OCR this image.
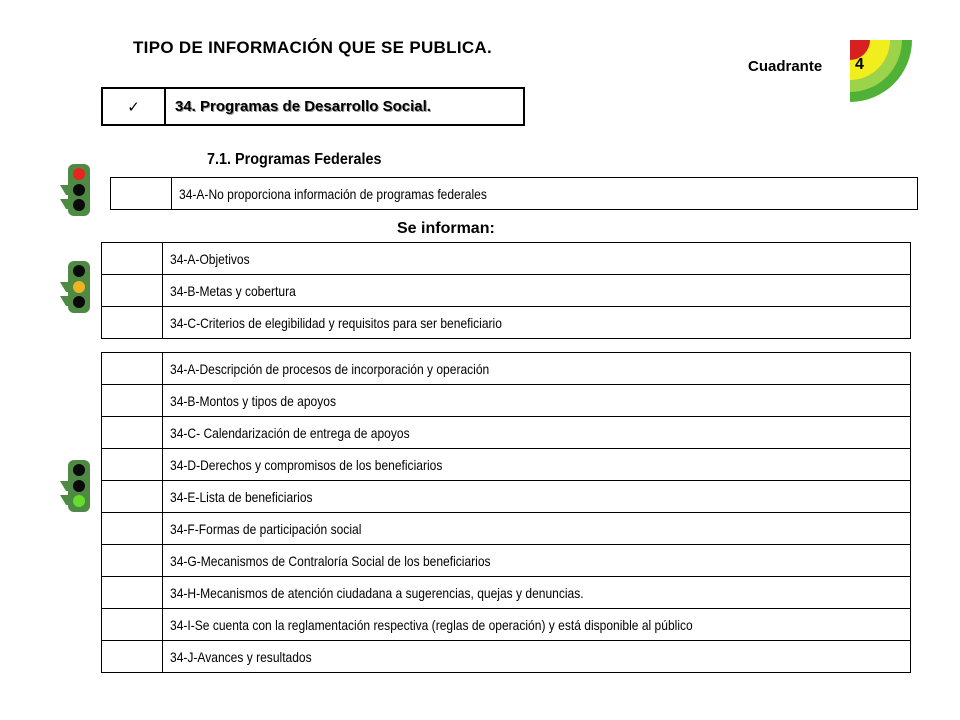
TIPO DE INFORMACIÓN QUE SE PUBLICA.
Cuadrante 4
✓	34. Programas de Desarrollo Social.
7.1. Programas Federales
	34-A-No proporciona información de programas federales
Se informan:
	34-A-Objetivos
	34-B-Metas y cobertura
	34-C-Criterios de elegibilidad y requisitos para ser beneficiario
	34-A-Descripción de procesos de incorporación y operación
	34-B-Montos y tipos de apoyos
	34-C- Calendarización de entrega de apoyos
	34-D-Derechos y compromisos de los beneficiarios
	34-E-Lista de beneficiarios
	34-F-Formas de participación social
	34-G-Mecanismos de Contraloría Social de los beneficiarios
	34-H-Mecanismos de atención ciudadana a sugerencias, quejas y denuncias.
	34-I-Se cuenta con la reglamentación respectiva (reglas de operación) y está disponible al público
	34-J-Avances y resultados
